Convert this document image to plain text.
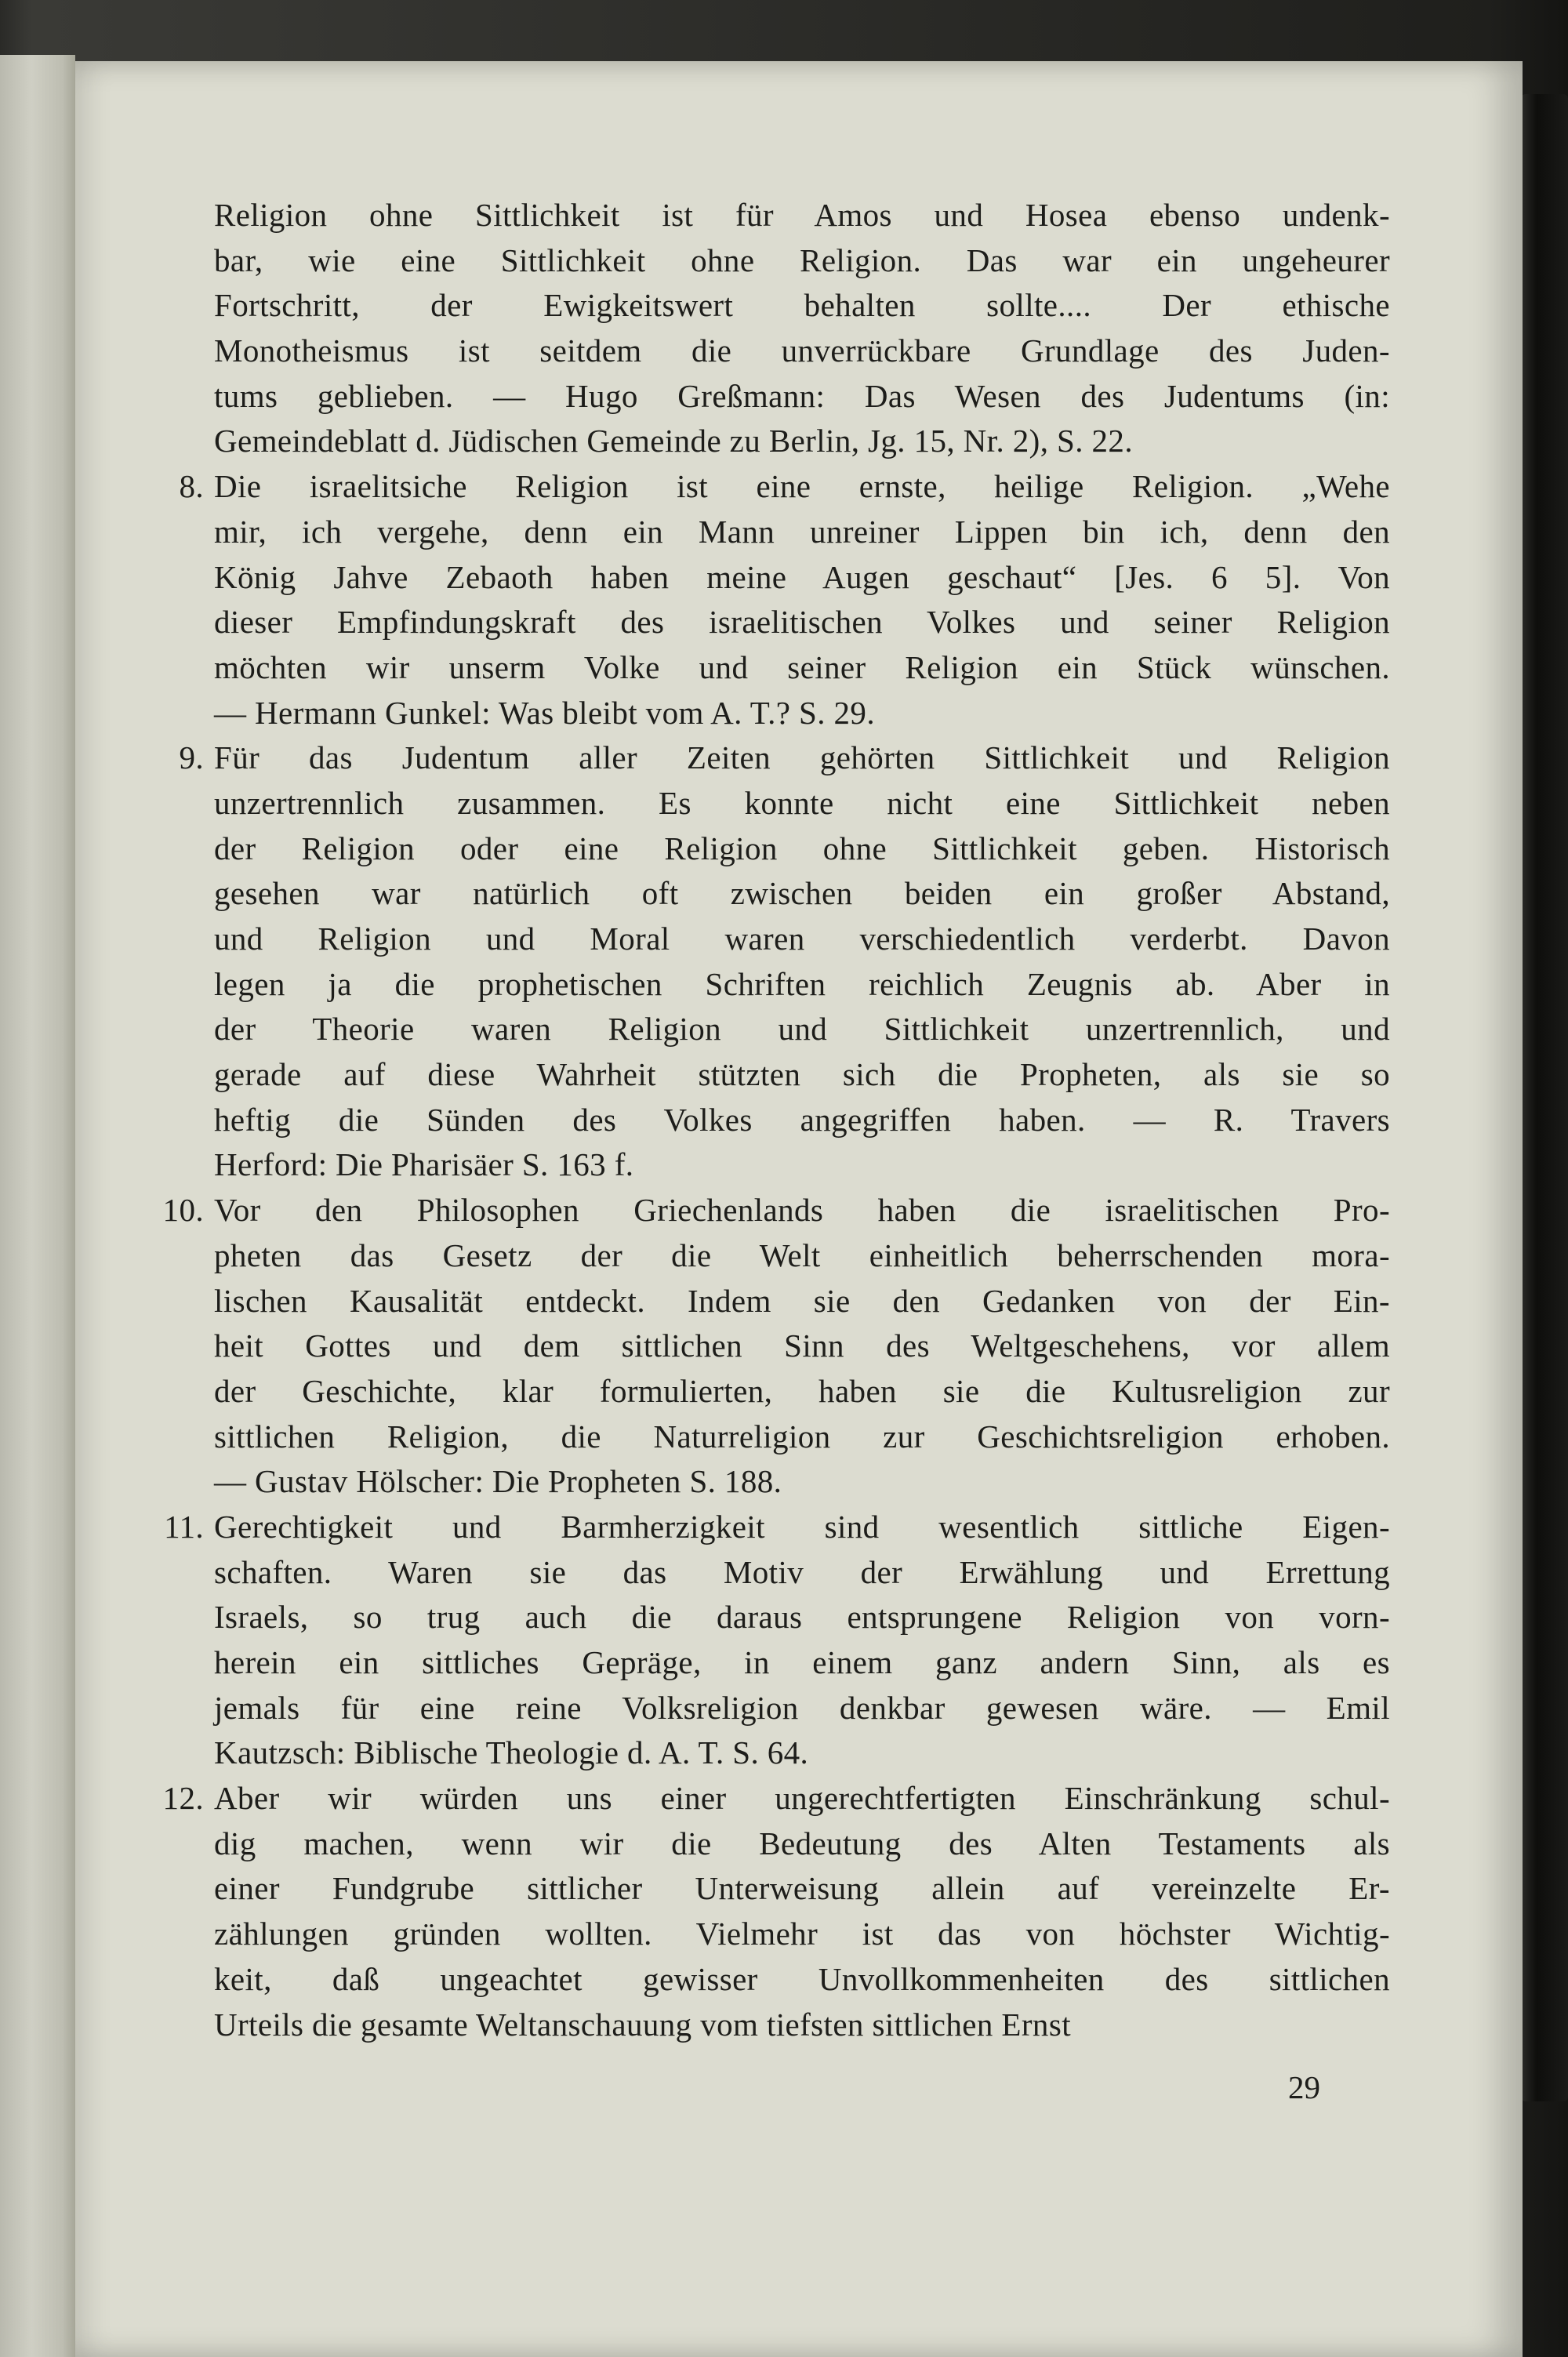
Religion ohne Sittlichkeit ist für Amos und Hosea ebenso undenk-
bar, wie eine Sittlichkeit ohne Religion. Das war ein ungeheurer
Fortschritt, der Ewigkeitswert behalten sollte.... Der ethische
Monotheismus ist seitdem die unverrückbare Grundlage des Juden-
tums geblieben. — Hugo Greßmann: Das Wesen des Judentums (in:
Gemeindeblatt d. Jüdischen Gemeinde zu Berlin, Jg. 15, Nr. 2), S. 22.
8. Die israelitsiche Religion ist eine ernste, heilige Religion. „Wehe
mir, ich vergehe, denn ein Mann unreiner Lippen bin ich, denn den
König Jahve Zebaoth haben meine Augen geschaut“ [Jes. 6 5]. Von
dieser Empfindungskraft des israelitischen Volkes und seiner Religion
möchten wir unserm Volke und seiner Religion ein Stück wünschen.
— Hermann Gunkel: Was bleibt vom A. T.? S. 29.
9. Für das Judentum aller Zeiten gehörten Sittlichkeit und Religion
unzertrennlich zusammen. Es konnte nicht eine Sittlichkeit neben
der Religion oder eine Religion ohne Sittlichkeit geben. Historisch
gesehen war natürlich oft zwischen beiden ein großer Abstand,
und Religion und Moral waren verschiedentlich verderbt. Davon
legen ja die prophetischen Schriften reichlich Zeugnis ab. Aber in
der Theorie waren Religion und Sittlichkeit unzertrennlich, und
gerade auf diese Wahrheit stützten sich die Propheten, als sie so
heftig die Sünden des Volkes angegriffen haben. — R. Travers
Herford: Die Pharisäer S. 163 f.
10. Vor den Philosophen Griechenlands haben die israelitischen Pro-
pheten das Gesetz der die Welt einheitlich beherrschenden mora-
lischen Kausalität entdeckt. Indem sie den Gedanken von der Ein-
heit Gottes und dem sittlichen Sinn des Weltgeschehens, vor allem
der Geschichte, klar formulierten, haben sie die Kultusreligion zur
sittlichen Religion, die Naturreligion zur Geschichtsreligion erhoben.
— Gustav Hölscher: Die Propheten S. 188.
11. Gerechtigkeit und Barmherzigkeit sind wesentlich sittliche Eigen-
schaften. Waren sie das Motiv der Erwählung und Errettung
Israels, so trug auch die daraus entsprungene Religion von vorn-
herein ein sittliches Gepräge, in einem ganz andern Sinn, als es
jemals für eine reine Volksreligion denkbar gewesen wäre. — Emil
Kautzsch: Biblische Theologie d. A. T. S. 64.
12. Aber wir würden uns einer ungerechtfertigten Einschränkung schul-
dig machen, wenn wir die Bedeutung des Alten Testaments als
einer Fundgrube sittlicher Unterweisung allein auf vereinzelte Er-
zählungen gründen wollten. Vielmehr ist das von höchster Wichtig-
keit, daß ungeachtet gewisser Unvollkommenheiten des sittlichen
Urteils die gesamte Weltanschauung vom tiefsten sittlichen Ernst
29
